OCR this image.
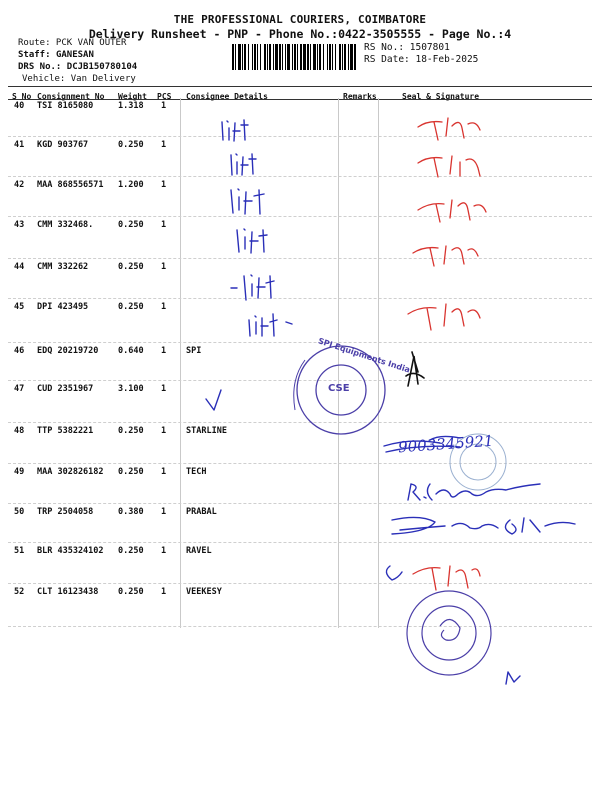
THE PROFESSIONAL COURIERS, COIMBATORE
Delivery Runsheet - PNP - Phone No.:0422-3505555 - Page No.:4
Route: PCK VAN OUTER
Staff: GANESAN
DRS No.: DCJB150780104
Vehicle: Van Delivery
RS No.: 1507801
RS Date: 18-Feb-2025
S No Consignment No Weight PCS Consignee Details	Remarks	Seal & Signature
40 TSI 8165080	1.318 1
41 KGD 903767	0.250 1
42 MAA 868556571 1.200 1
43 CMM 332468.	0.250 1
44 CMM 332262	0.250 1
45 DPI 423495	0.250 1
46 EDQ 20219720 0.640 1 SPI
47 CUD 2351967	3.100 1
48 TTP 5382221	0.250 1 STARLINE
49 MAA 302826182 0.250 1 TECH
50 TRP 2504058	0.380 1 PRABAL
51 BLR 435324102 0.250 1 RAVEL
52 CLT 16123438 0.250 1 VEEKESY
9003345921
SPI Equipments India
CSE
